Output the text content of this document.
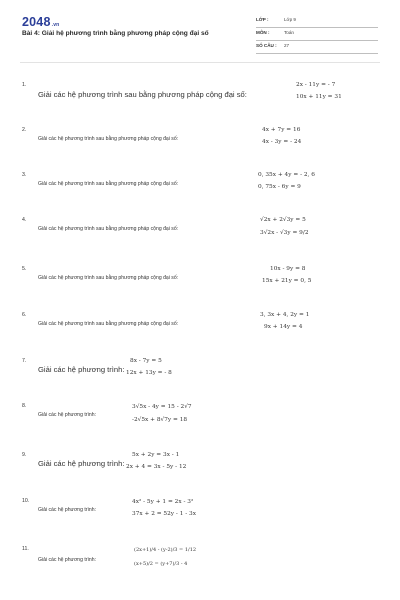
2048.vn
Bài 4: Giải hệ phương trình bằng phương pháp cộng đại số
LỚP :	Lớp 9
MÔN :	Toán
SỐ CÂU : 27
1.
Giải các hệ phương trình sau bằng phương pháp cộng đại số:
2x - 11y = - 7
10x + 11y = 31
2.
Giải các hệ phương trình sau bằng phương pháp cộng đại số:
4x + 7y = 16
4x - 3y = - 24
3.
Giải các hệ phương trình sau bằng phương pháp cộng đại số:
0, 35x + 4y = - 2, 6
0, 75x - 6y = 9
4.
Giải các hệ phương trình sau bằng phương pháp cộng đại số:
√2x + 2√3y = 5
3√2x - √3y = 9/2
5.
Giải các hệ phương trình sau bằng phương pháp cộng đại số:
10x - 9y = 8
15x + 21y = 0, 5
6.
Giải các hệ phương trình sau bằng phương pháp cộng đại số:
3, 3x + 4, 2y = 1
9x + 14y = 4
7.
Giải các hệ phương trình:
8x - 7y = 5
12x + 13y = - 8
8.
Giải các hệ phương trình:
3√5x - 4y = 15 - 2√7
-2√5x + 8√7y = 18
9.
Giải các hệ phương trình:
5x + 2y = 3x - 1
2x + 4 = 3x - 5y - 12
10.
Giải các hệ phương trình:
4x² - 5y + 1 = 2x - 3²
37x + 2 = 52y - 1 - 3x
11.
Giải các hệ phương trình:
(2x+1)/4 - (y-2)/3 = 1/12
(x+5)/2 = (y+7)/3 - 4
